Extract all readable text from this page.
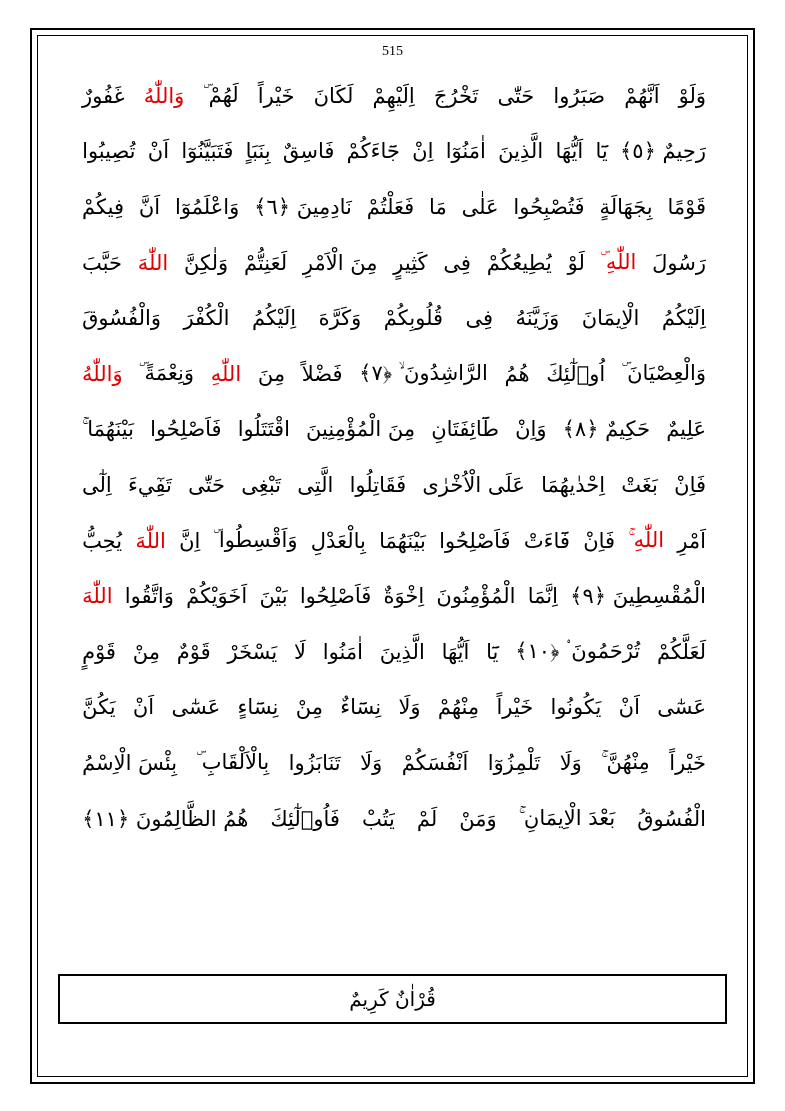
515
وَلَوْ
اَنَّهُمْ
صَبَرُوا
حَتّٰى
تَخْرُجَ
اِلَيْهِمْ
لَكَانَ
خَيْراً
لَهُمْ ۜ
وَاللّٰهُ
غَفُورٌ
رَحِيمٌ ﴿٥﴾
يَٓا
اَيُّهَا
الَّذِينَ
اٰمَنُوٓا
اِنْ
جَٓاءَكُمْ
فَاسِقٌ
بِنَبَاٍ
فَتَبَيَّنُوٓا
اَنْ
تُصِيبُوا
قَوْمًا
بِجَهَالَةٍ
فَتُصْبِحُوا
عَلٰى
مَا
فَعَلْتُمْ
نَادِمِينَ ﴿٦﴾
وَاعْلَمُوٓا
اَنَّ
فِيكُمْ
رَسُولَ
اللّٰهِ ۜ
لَوْ
يُطِيعُكُمْ
فِى
كَثِيرٍ
مِنَ الْاَمْرِ
لَعَنِتُّمْ
وَلٰكِنَّ
اللّٰهَ
حَبَّبَ
اِلَيْكُمُ
الْاِيمَانَ
وَزَيَّنَهُ
فِى
قُلُوبِكُمْ
وَكَرَّهَ
اِلَيْكُمُ
الْكُفْرَ
وَالْفُسُوقَ
وَالْعِصْيَانَ ۜ
اُو۬لٰٓئِكَ
هُمُ
الرَّاشِدُونَ ۙ ﴿٧﴾
فَضْلاً
مِنَ
اللّٰهِ
وَنِعْمَةً ۜ
وَاللّٰهُ
عَلِيمٌ
حَكِيمٌ ﴿٨﴾
وَاِنْ
طَٓائِفَتَانِ
مِنَ الْمُؤْمِنِينَ
اقْتَتَلُوا
فَاَصْلِحُوا
بَيْنَهُمَا ۚ
فَاِنْ
بَغَتْ
اِحْدٰيهُمَا
عَلَى الْاُخْرٰى
فَقَاتِلُوا
الَّتِى
تَبْغِى
حَتّٰى
تَفِٓيءَ
اِلٰٓى
اَمْرِ
اللّٰهِ ۚ
فَاِنْ
فَٓاءَتْ
فَاَصْلِحُوا
بَيْنَهُمَا
بِالْعَدْلِ
وَاَقْسِطُوا ۜ
اِنَّ
اللّٰهَ
يُحِبُّ
الْمُقْسِطِينَ ﴿٩﴾
اِنَّمَا
الْمُؤْمِنُونَ
اِخْوَةٌ
فَاَصْلِحُوا
بَيْنَ
اَخَوَيْكُمْ
وَاتَّقُوا
اللّٰهَ
لَعَلَّكُمْ
تُرْحَمُونَ ۟ ﴿١٠﴾
يَٓا
اَيُّهَا
الَّذِينَ
اٰمَنُوا
لَا
يَسْخَرْ
قَوْمٌ
مِنْ
قَوْمٍ
عَسٰٓى
اَنْ
يَكُونُوا
خَيْراً
مِنْهُمْ
وَلَا
نِسَٓاءٌ
مِنْ
نِسَٓاءٍ
عَسٰٓى
اَنْ
يَكُنَّ
خَيْراً
مِنْهُنَّ ۚ
وَلَا
تَلْمِزُوٓا
اَنْفُسَكُمْ
وَلَا
تَنَابَزُوا
بِالْاَلْقَابِ ۜ
بِئْسَ الْاِسْمُ
الْفُسُوقُ
بَعْدَ الْاِيمَانِ ۚ
وَمَنْ
لَمْ
يَتُبْ
فَاُو۬لٰٓئِكَ
هُمُ الظَّالِمُونَ ﴿١١﴾
قُرْاٰنٌ كَرِيمٌ
